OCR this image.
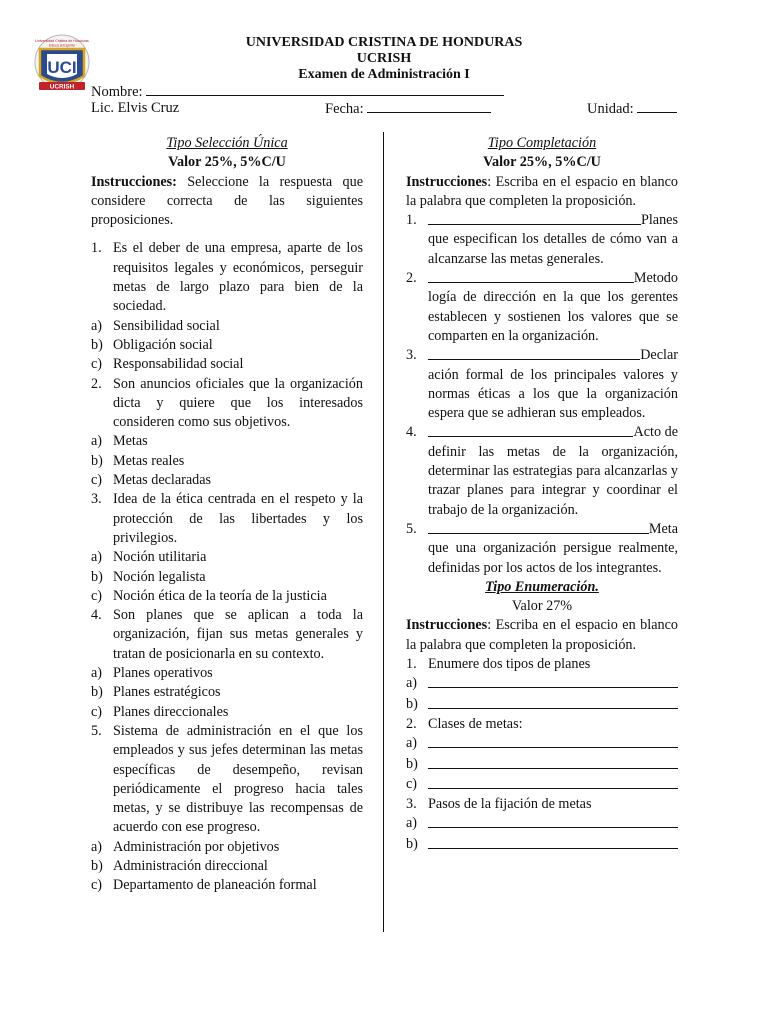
Universidad Cristina de Honduras
Educa al Espíritu
UCI
UCRISH
UNIVERSIDAD CRISTINA DE HONDURAS
UCRISH
Examen de Administración I
Nombre:
Lic. Elvis Cruz	Fecha:	Unidad:
Tipo Selección Única
Valor 25%, 5%C/U
Instrucciones: Seleccione la respuesta que considere correcta de las siguientes proposiciones.
1. Es el deber de una empresa, aparte de los requisitos legales y económicos, perseguir metas de largo plazo para bien de la sociedad.
a) Sensibilidad social
b) Obligación social
c) Responsabilidad social
2. Son anuncios oficiales que la organización dicta y quiere que los interesados consideren como sus objetivos.
a) Metas
b) Metas reales
c) Metas declaradas
3. Idea de la ética centrada en el respeto y la protección de las libertades y los privilegios.
a) Noción utilitaria
b) Noción legalista
c) Noción ética de la teoría de la justicia
4. Son planes que se aplican a toda la organización, fijan sus metas generales y tratan de posicionarla en su contexto.
a) Planes operativos
b) Planes estratégicos
c) Planes direccionales
5. Sistema de administración en el que los empleados y sus jefes determinan las metas específicas de desempeño, revisan periódicamente el progreso hacia tales metas, y se distribuye las recompensas de acuerdo con ese progreso.
a) Administración por objetivos
b) Administración direccional
c) Departamento de planeación formal
Tipo Completación
Valor 25%, 5%C/U
Instrucciones: Escriba en el espacio en blanco la palabra que completen la proposición.
1.	Planes
que especifican los detalles de cómo van a alcanzarse las metas generales.
2.	Metodo
logía de dirección en la que los gerentes establecen y sostienen los valores que se comparten en la organización.
3.	Declar
ación formal de los principales valores y normas éticas a los que la organización espera que se adhieran sus empleados.
4.	Acto de
definir las metas de la organización, determinar las estrategias para alcanzarlas y trazar planes para integrar y coordinar el trabajo de la organización.
5.	Meta
que una organización persigue realmente, definidas por los actos de los integrantes.
Tipo Enumeración.
Valor 27%
Instrucciones: Escriba en el espacio en blanco la palabra que completen la proposición.
1. Enumere dos tipos de planes
a)
b)
2. Clases de metas:
a)
b)
c)
3. Pasos de la fijación de metas
a)
b)
